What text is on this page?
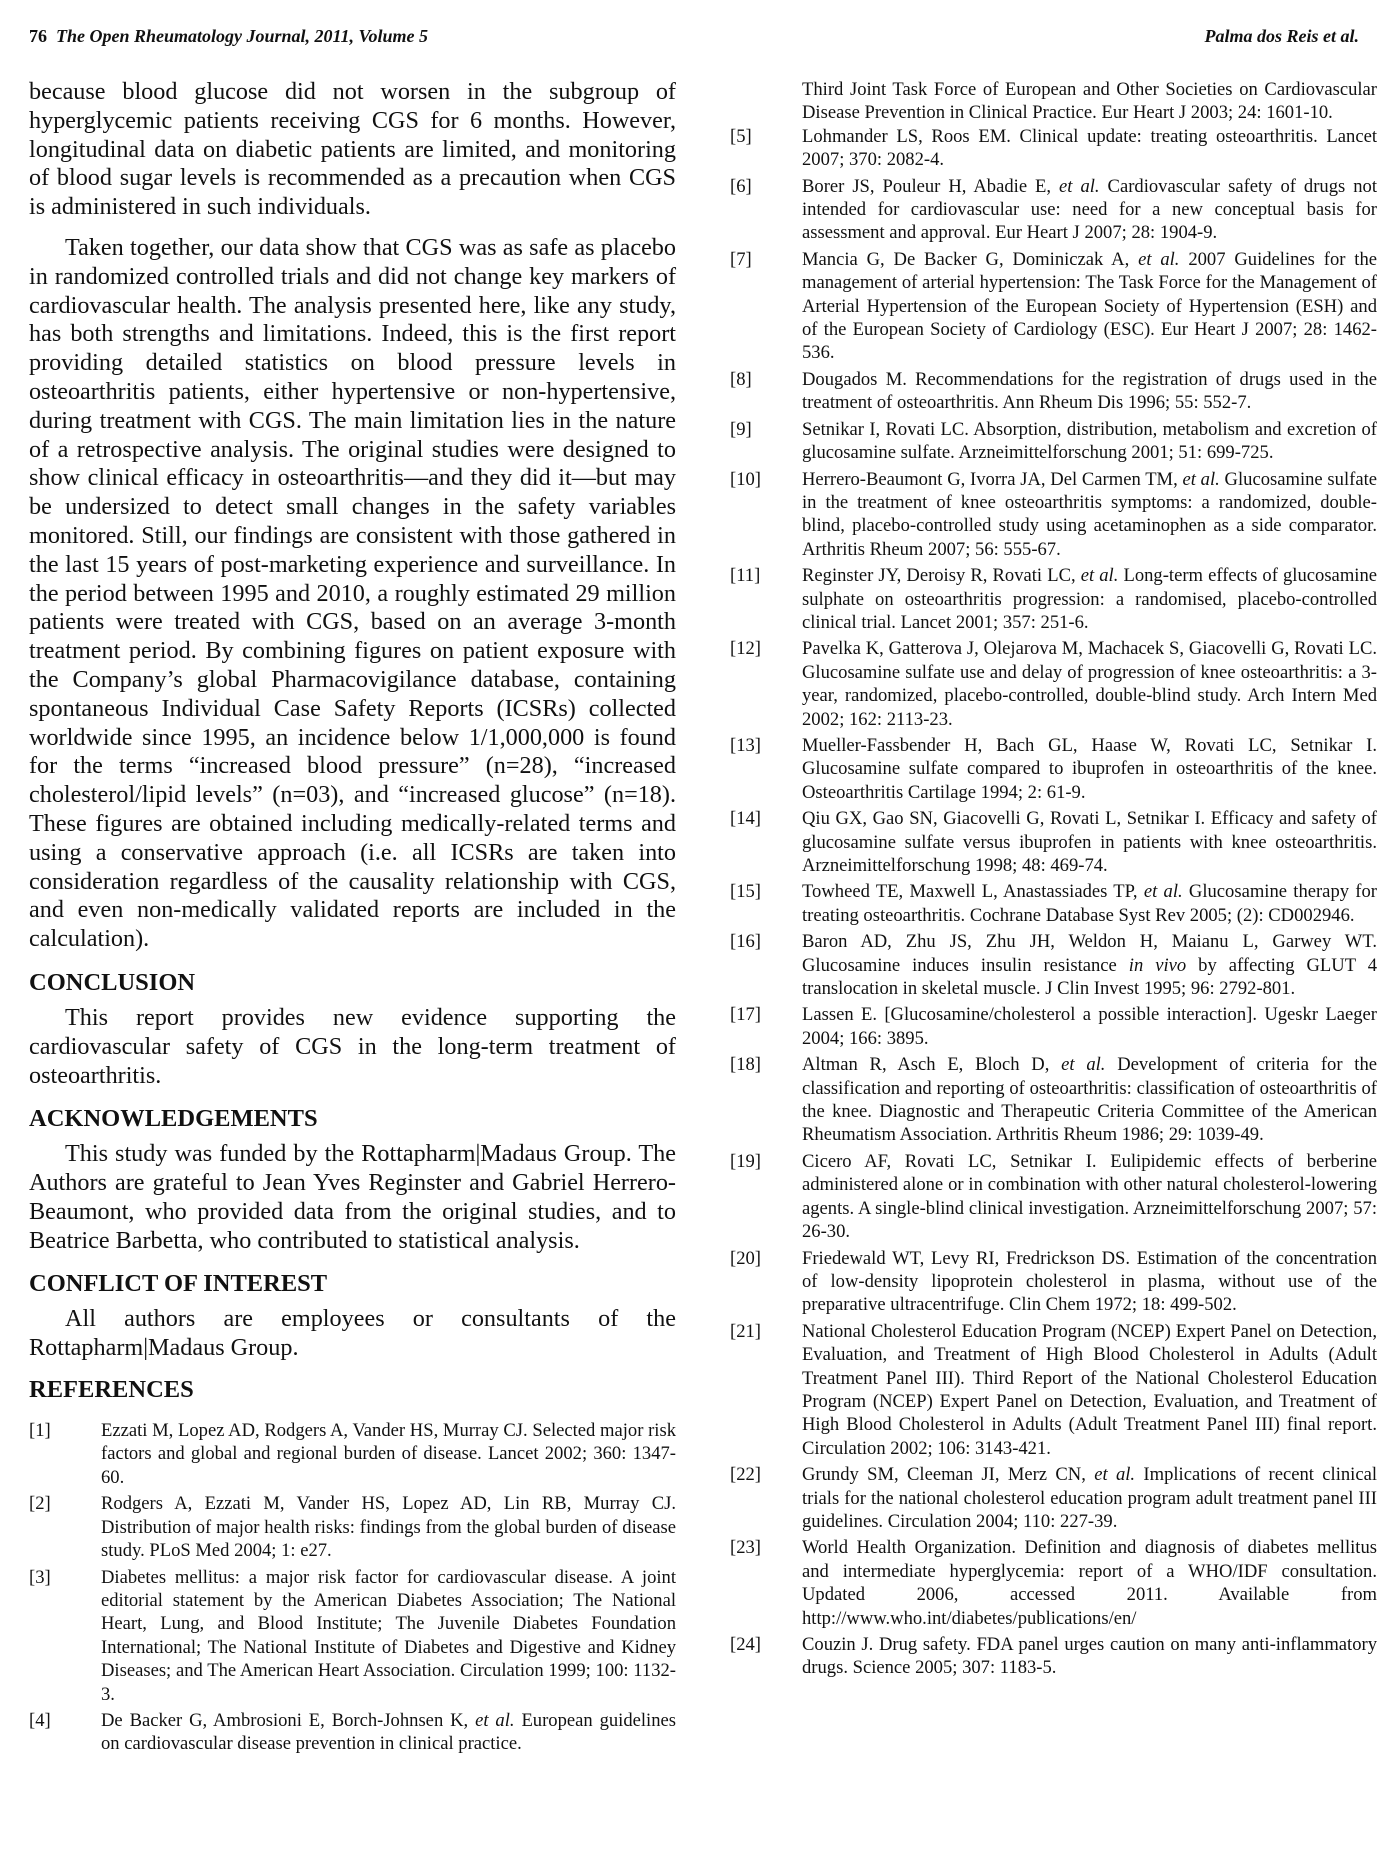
76 The Open Rheumatology Journal, 2011, Volume 5	Palma dos Reis et al.

because blood glucose did not worsen in the subgroup of hyperglycemic patients receiving CGS for 6 months. However, longitudinal data on diabetic patients are limited, and monitoring of blood sugar levels is recommended as a precaution when CGS is administered in such individuals.

Taken together, our data show that CGS was as safe as placebo in randomized controlled trials and did not change key markers of cardiovascular health. The analysis presented here, like any study, has both strengths and limitations. Indeed, this is the first report providing detailed statistics on blood pressure levels in osteoarthritis patients, either hypertensive or non-hypertensive, during treatment with CGS. The main limitation lies in the nature of a retrospective analysis. The original studies were designed to show clinical efficacy in osteoarthritis—and they did it—but may be undersized to detect small changes in the safety variables monitored. Still, our findings are consistent with those gathered in the last 15 years of post-marketing experience and surveillance. In the period between 1995 and 2010, a roughly estimated 29 million patients were treated with CGS, based on an average 3-month treatment period. By combining figures on patient exposure with the Company’s global Pharmacovigilance database, containing spontaneous Individual Case Safety Reports (ICSRs) collected worldwide since 1995, an incidence below 1/1,000,000 is found for the terms “increased blood pressure” (n=28), “increased cholesterol/lipid levels” (n=03), and “increased glucose” (n=18). These figures are obtained including medically-related terms and using a conservative approach (i.e. all ICSRs are taken into consideration regardless of the causality relationship with CGS, and even non-medically validated reports are included in the calculation).

CONCLUSION

This report provides new evidence supporting the cardiovascular safety of CGS in the long-term treatment of osteoarthritis.

ACKNOWLEDGEMENTS

This study was funded by the Rottapharm|Madaus Group. The Authors are grateful to Jean Yves Reginster and Gabriel Herrero-Beaumont, who provided data from the original studies, and to Beatrice Barbetta, who contributed to statistical analysis.

CONFLICT OF INTEREST

All authors are employees or consultants of the Rottapharm|Madaus Group.

REFERENCES
[1]	Ezzati M, Lopez AD, Rodgers A, Vander HS, Murray CJ. Selected major risk factors and global and regional burden of disease. Lancet 2002; 360: 1347-60.
[2]	Rodgers A, Ezzati M, Vander HS, Lopez AD, Lin RB, Murray CJ. Distribution of major health risks: findings from the global burden of disease study. PLoS Med 2004; 1: e27.
[3]	Diabetes mellitus: a major risk factor for cardiovascular disease. A joint editorial statement by the American Diabetes Association; The National Heart, Lung, and Blood Institute; The Juvenile Diabetes Foundation International; The National Institute of Diabetes and Digestive and Kidney Diseases; and The American Heart Association. Circulation 1999; 100: 1132-3.
[4]	De Backer G, Ambrosioni E, Borch-Johnsen K, et al. European guidelines on cardiovascular disease prevention in clinical practice.
Third Joint Task Force of European and Other Societies on Cardiovascular Disease Prevention in Clinical Practice. Eur Heart J 2003; 24: 1601-10.
[5]	Lohmander LS, Roos EM. Clinical update: treating osteoarthritis. Lancet 2007; 370: 2082-4.
[6]	Borer JS, Pouleur H, Abadie E, et al. Cardiovascular safety of drugs not intended for cardiovascular use: need for a new conceptual basis for assessment and approval. Eur Heart J 2007; 28: 1904-9.
[7]	Mancia G, De Backer G, Dominiczak A, et al. 2007 Guidelines for the management of arterial hypertension: The Task Force for the Management of Arterial Hypertension of the European Society of Hypertension (ESH) and of the European Society of Cardiology (ESC). Eur Heart J 2007; 28: 1462-536.
[8]	Dougados M. Recommendations for the registration of drugs used in the treatment of osteoarthritis. Ann Rheum Dis 1996; 55: 552-7.
[9]	Setnikar I, Rovati LC. Absorption, distribution, metabolism and excretion of glucosamine sulfate. Arzneimittelforschung 2001; 51: 699-725.
[10]	Herrero-Beaumont G, Ivorra JA, Del Carmen TM, et al. Glucosamine sulfate in the treatment of knee osteoarthritis symptoms: a randomized, double-blind, placebo-controlled study using acetaminophen as a side comparator. Arthritis Rheum 2007; 56: 555-67.
[11]	Reginster JY, Deroisy R, Rovati LC, et al. Long-term effects of glucosamine sulphate on osteoarthritis progression: a randomised, placebo-controlled clinical trial. Lancet 2001; 357: 251-6.
[12]	Pavelka K, Gatterova J, Olejarova M, Machacek S, Giacovelli G, Rovati LC. Glucosamine sulfate use and delay of progression of knee osteoarthritis: a 3-year, randomized, placebo-controlled, double-blind study. Arch Intern Med 2002; 162: 2113-23.
[13]	Mueller-Fassbender H, Bach GL, Haase W, Rovati LC, Setnikar I. Glucosamine sulfate compared to ibuprofen in osteoarthritis of the knee. Osteoarthritis Cartilage 1994; 2: 61-9.
[14]	Qiu GX, Gao SN, Giacovelli G, Rovati L, Setnikar I. Efficacy and safety of glucosamine sulfate versus ibuprofen in patients with knee osteoarthritis. Arzneimittelforschung 1998; 48: 469-74.
[15]	Towheed TE, Maxwell L, Anastassiades TP, et al. Glucosamine therapy for treating osteoarthritis. Cochrane Database Syst Rev 2005; (2): CD002946.
[16]	Baron AD, Zhu JS, Zhu JH, Weldon H, Maianu L, Garwey WT. Glucosamine induces insulin resistance in vivo by affecting GLUT 4 translocation in skeletal muscle. J Clin Invest 1995; 96: 2792-801.
[17]	Lassen E. [Glucosamine/cholesterol a possible interaction]. Ugeskr Laeger 2004; 166: 3895.
[18]	Altman R, Asch E, Bloch D, et al. Development of criteria for the classification and reporting of osteoarthritis: classification of osteoarthritis of the knee. Diagnostic and Therapeutic Criteria Committee of the American Rheumatism Association. Arthritis Rheum 1986; 29: 1039-49.
[19]	Cicero AF, Rovati LC, Setnikar I. Eulipidemic effects of berberine administered alone or in combination with other natural cholesterol-lowering agents. A single-blind clinical investigation. Arzneimittelforschung 2007; 57: 26-30.
[20]	Friedewald WT, Levy RI, Fredrickson DS. Estimation of the concentration of low-density lipoprotein cholesterol in plasma, without use of the preparative ultracentrifuge. Clin Chem 1972; 18: 499-502.
[21]	National Cholesterol Education Program (NCEP) Expert Panel on Detection, Evaluation, and Treatment of High Blood Cholesterol in Adults (Adult Treatment Panel III). Third Report of the National Cholesterol Education Program (NCEP) Expert Panel on Detection, Evaluation, and Treatment of High Blood Cholesterol in Adults (Adult Treatment Panel III) final report. Circulation 2002; 106: 3143-421.
[22]	Grundy SM, Cleeman JI, Merz CN, et al. Implications of recent clinical trials for the national cholesterol education program adult treatment panel III guidelines. Circulation 2004; 110: 227-39.
[23]	World Health Organization. Definition and diagnosis of diabetes mellitus and intermediate hyperglycemia: report of a WHO/IDF consultation. Updated 2006, accessed 2011. Available from http://www.who.int/diabetes/publications/en/
[24]	Couzin J. Drug safety. FDA panel urges caution on many anti-inflammatory drugs. Science 2005; 307: 1183-5.
